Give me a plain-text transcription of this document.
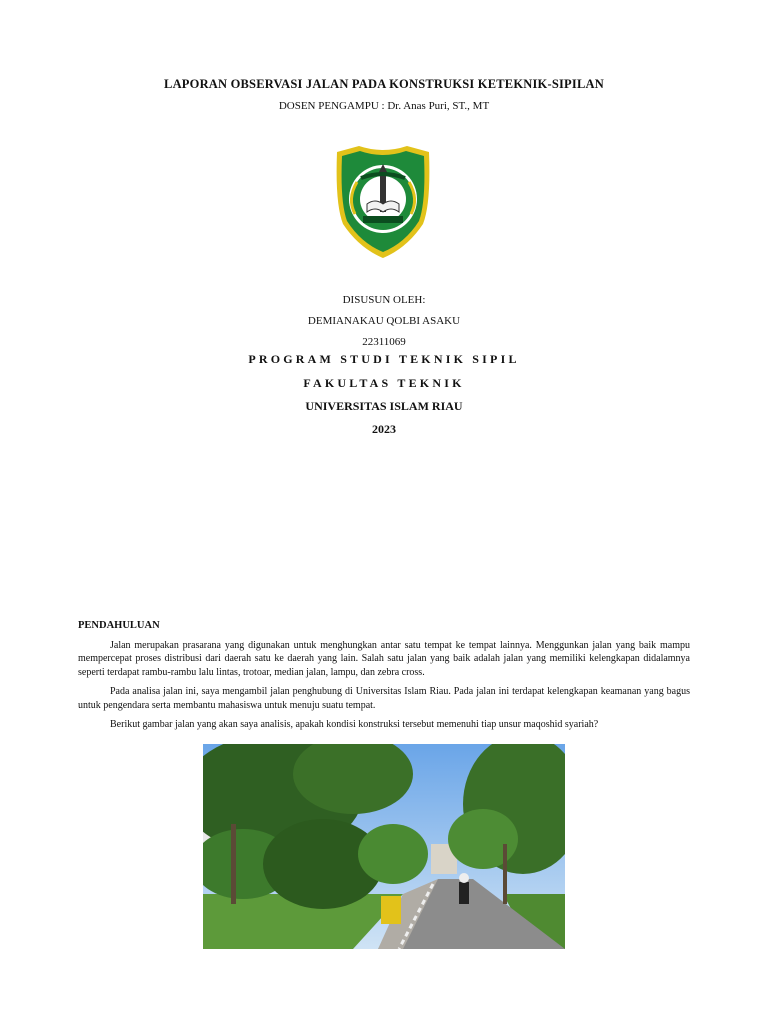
LAPORAN OBSERVASI JALAN PADA KONSTRUKSI KETEKNIK-SIPILAN
DOSEN PENGAMPU : Dr. Anas Puri, ST., MT
DISUSUN OLEH:
DEMIANAKAU QOLBI ASAKU
22311069
PROGRAM STUDI TEKNIK SIPIL
FAKULTAS TEKNIK
UNIVERSITAS ISLAM RIAU
2023
PENDAHULUAN

Jalan merupakan prasarana yang digunakan untuk menghungkan antar satu tempat ke tempat lainnya. Menggunkan jalan yang baik mampu mempercepat proses distribusi dari daerah satu ke daerah yang lain. Salah satu jalan yang baik adalah jalan yang memiliki kelengkapan didalamnya seperti terdapat rambu-rambu lalu lintas, trotoar, median jalan, lampu, dan zebra cross.

Pada analisa jalan ini, saya mengambil jalan penghubung di Universitas Islam Riau. Pada jalan ini terdapat kelengkapan keamanan yang bagus untuk pengendara serta membantu mahasiswa untuk menuju suatu tempat.

Berikut gambar jalan yang akan saya analisis, apakah kondisi konstruksi tersebut memenuhi tiap unsur maqoshid syariah?
